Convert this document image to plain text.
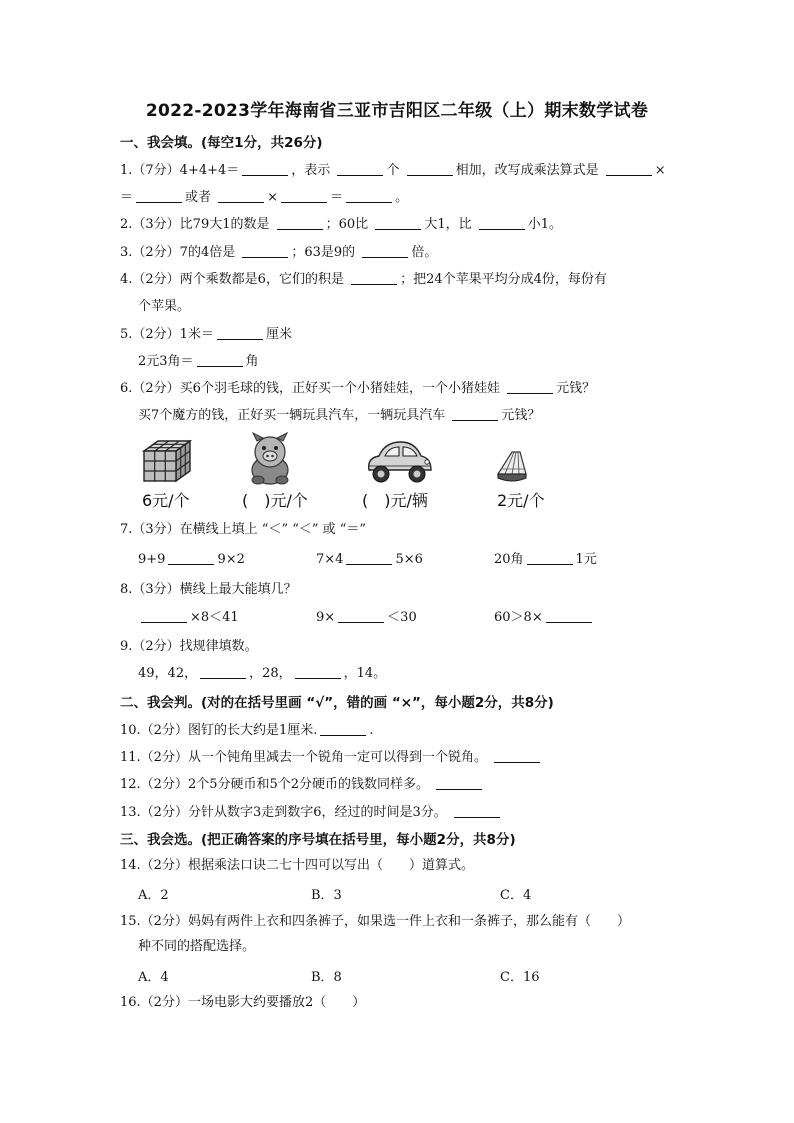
2022-2023学年海南省三亚市吉阳区二年级（上）期末数学试卷
一、我会填。(每空1分，共26分)
1.（7分）4+4+4＝	，表示	个	相加，改写成乘法算式是	×
＝	或者	×	＝	。
2.（3分）比79大1的数是	；60比	大1，比	小1。
3.（2分）7的4倍是	；63是9的	倍。
4.（2分）两个乘数都是6，它们的积是	；把24个苹果平均分成4份，每份有
个苹果。
5.（2分）1米＝	厘米
2元3角＝	角
6.（2分）买6个羽毛球的钱，正好买一个小猪娃娃，一个小猪娃娃	元钱？
买7个魔方的钱，正好买一辆玩具汽车，一辆玩具汽车	元钱？
6元/个	(　)元/个	(　)元/辆	2元/个
7.（3分）在横线上填上 “＜” “＜” 或 “＝”
9+9	9×2	7×4	5×6	20角	1元
8.（3分）横线上最大能填几？
×8＜41	9×	＜30	60＞8×
9.（2分）找规律填数。
49，42，	，28，	，14。
二、我会判。(对的在括号里画 “√”，错的画 “×”，每小题2分，共8分)
10.（2分）图钉的长大约是1厘米.	.
11.（2分）从一个钝角里减去一个锐角一定可以得到一个锐角。
12.（2分）2个5分硬币和5个2分硬币的钱数同样多。
13.（2分）分针从数字3走到数字6，经过的时间是3分。
三、我会选。(把正确答案的序号填在括号里，每小题2分，共8分)
14.（2分）根据乘法口诀二七十四可以写出（　　）道算式。
A．2	B．3	C．4
15.（2分）妈妈有两件上衣和四条裤子，如果选一件上衣和一条裤子，那么能有（　　）
种不同的搭配选择。
A．4	B．8	C．16
16.（2分）一场电影大约要播放2（　　）
